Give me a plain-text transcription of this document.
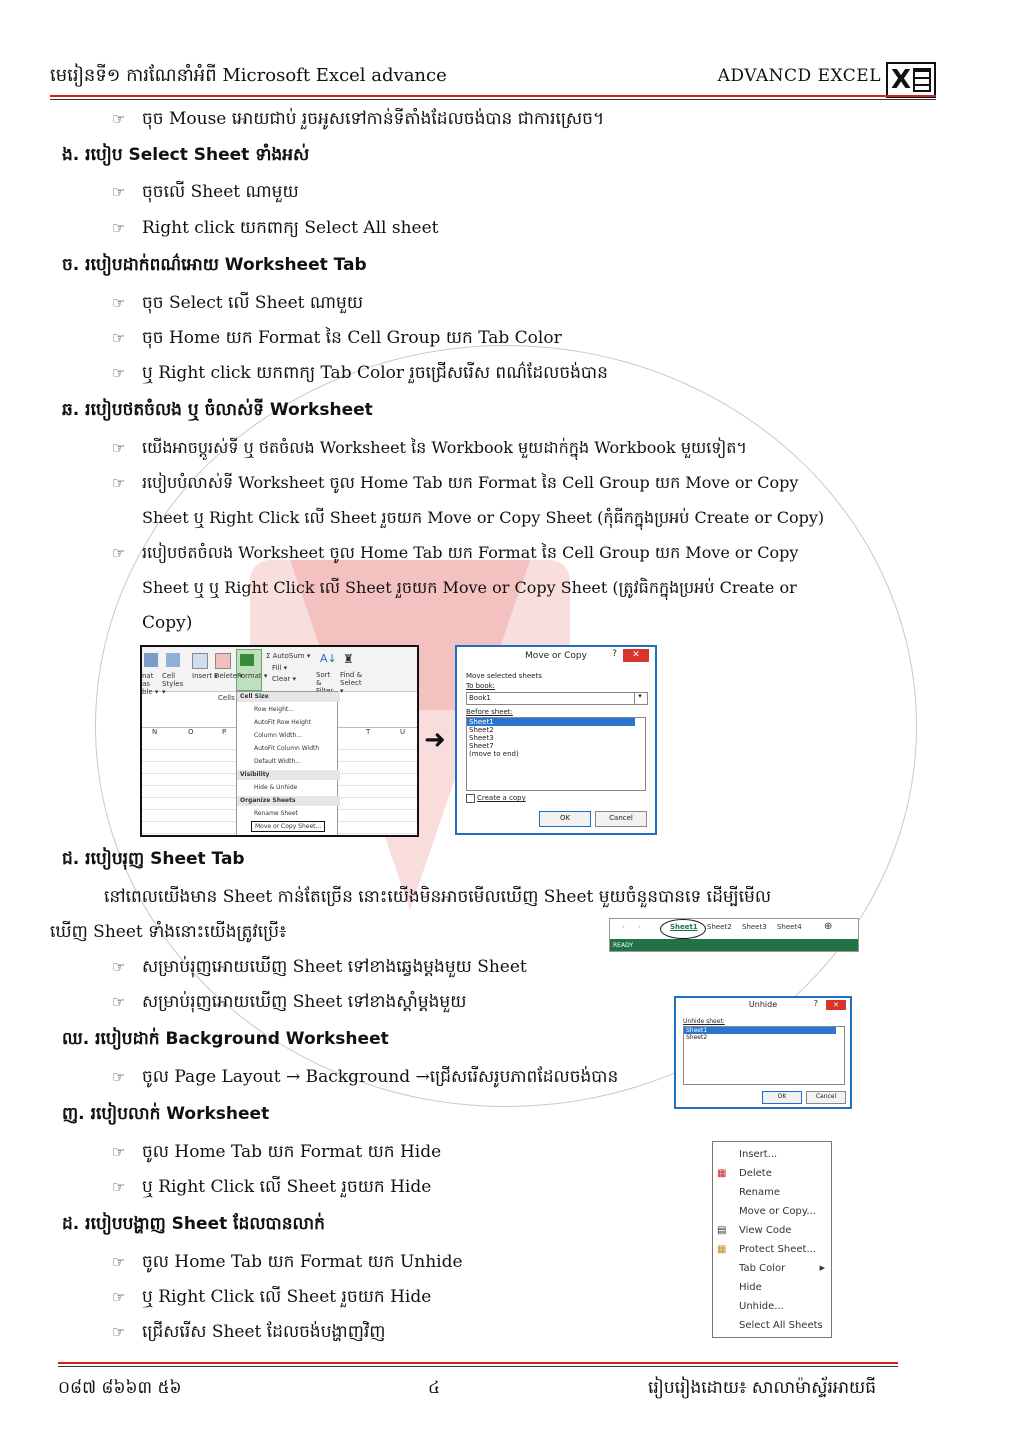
មេរៀនទី១ ការណែនាំអំពី Microsoft Excel advance	ADVANCD EXCEL X
☞ ចុច Mouse អោយជាប់ រួចអូសទៅកាន់ទីតាំងដែលចង់បាន ជាការស្រេច។
ង. របៀប Select Sheet ទាំងអស់
☞ ចុចលើ Sheet ណាមួយ
☞ Right click យកពាក្យ Select All sheet
ច. របៀបដាក់ពណ៌អោយ Worksheet Tab
☞ ចុច Select លើ Sheet ណាមួយ
☞ ចុច Home យក Format នៃ Cell Group យក Tab Color
☞ ឬ Right click យកពាក្យ Tab Color រួចជ្រើសរើស ពណ៌ដែលចង់បាន
ឆ. របៀបថតចំលង ឬ ចំលាស់ទី Worksheet
☞ យើងអាចប្តូរស់ទី ឬ ថតចំលង Worksheet នៃ Workbook មួយដាក់ក្នុង Workbook មួយទៀត។
☞ របៀបបំលាស់ទី Worksheet ចូល Home Tab យក Format នៃ Cell Group យក Move or Copy
Sheet ឬ Right Click លើ Sheet រួចយក Move or Copy Sheet (កុំធីកក្នុងប្រអប់ Create or Copy)
☞ របៀបថតចំលង Worksheet ចូល Home Tab យក Format នៃ Cell Group យក Move or Copy
Sheet ឬ ឬ Right Click លើ Sheet រួចយក Move or Copy Sheet (ត្រូវធិកក្នុងប្រអប់ Create or
Copy)
nat as ble ▾
Cell Styles ▾
Insert ▾
Delete ▾
Format ▾
Σ AutoSum ▾
Fill ▾
Clear ▾
A↓ ♜
Sort &
Find & Select ▾
Cells
N	O	P	T	U
Cell Size
Row Height...
AutoFit Row Height
Column Width...
AutoFit Column Width
Default Width...
Visibility
Hide & Unhide
Organize Sheets
Rename Sheet
Move or Copy Sheet...
➜
Move or Copy	?	✕
Move selected sheets
To book:
Book1	▾
Before sheet:
Sheet1
Sheet2
Sheet3
Sheet7
(move to end)
Create a copy
OK	Cancel
ជ. របៀបរុញ Sheet Tab
នៅពេលយើងមាន Sheet កាន់តែច្រើន នោះយើងមិនអាចមើលឃើញ Sheet មួយចំនួនបានទេ ដើម្បីមើល
ឃើញ Sheet ទាំងនោះយើងត្រូវប្រើ៖	‹ ›	Sheet1 Sheet2 Sheet3 Sheet4 ⊕
READY
☞ សម្រាប់រុញអោយឃើញ Sheet ទៅខាងឆ្វេងម្តងមួយ Sheet
☞ សម្រាប់រុញអោយឃើញ Sheet ទៅខាងស្តាំម្តងមួយ	Unhide	?	✕
Unhide sheet:
Sheet1
Sheet2
OK	Cancel
ឈ. របៀបដាក់ Background Worksheet
☞ ចូល Page Layout → Background →ជ្រើសរើសរូបភាពដែលចង់បាន
ញ. របៀបលាក់ Worksheet
☞ ចូល Home Tab យក Format យក Hide
☞ ឬ Right Click លើ Sheet រួចយក Hide
ដ. របៀបបង្ហាញ Sheet ដែលបានលាក់
☞ ចូល Home Tab យក Format យក Unhide
☞ ឬ Right Click លើ Sheet រួចយក Hide
☞ ជ្រើសរើស Sheet ដែលចង់បង្ហាញវិញ
Insert...
▦ Delete
Rename
Move or Copy...
▤ View Code
▦ Protect Sheet...
Tab Color	▶
Hide
Unhide...
Select All Sheets
០៨៧ ៨៦៦៣ ៥៦	៤	រៀបរៀងដោយ៖ សាលាម៉ាស្ទ័រអាយធី
